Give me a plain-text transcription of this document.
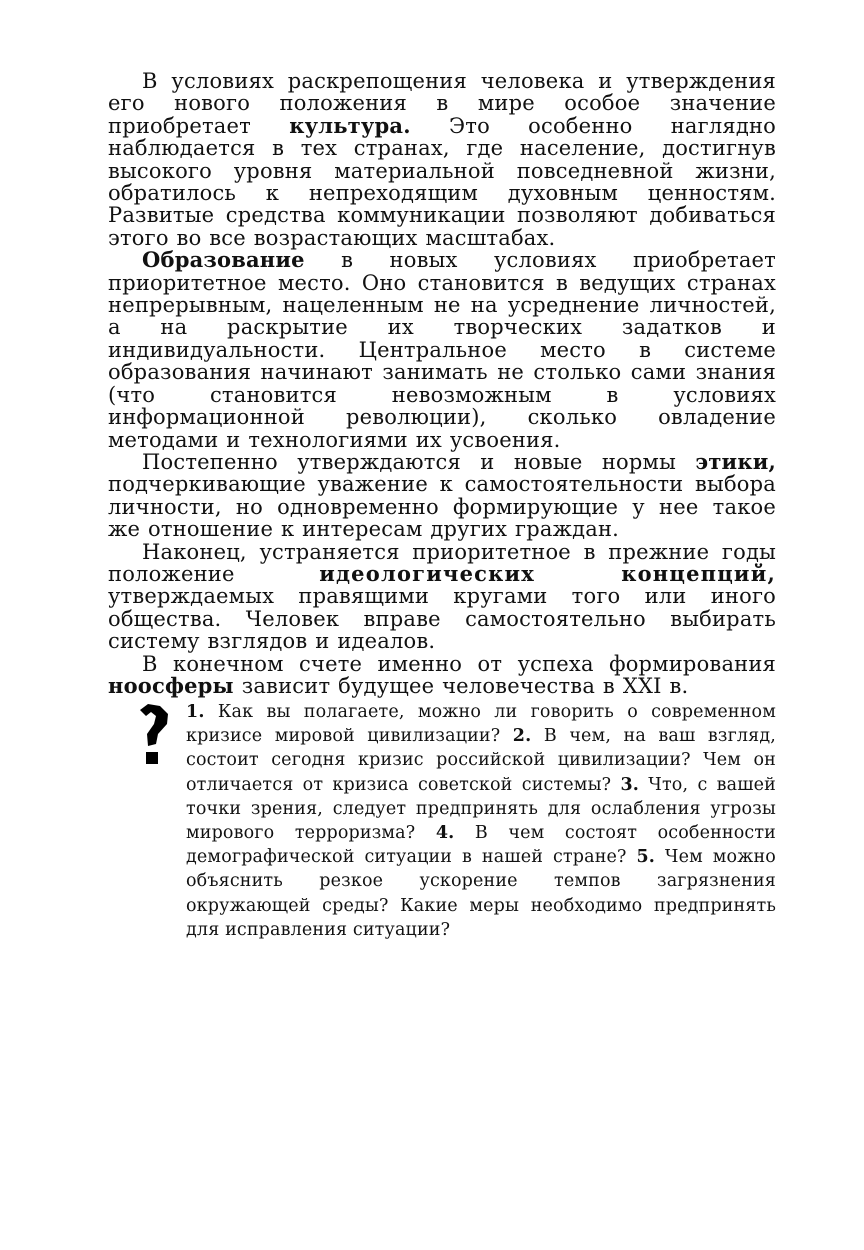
В условиях раскрепощения человека и утверждения его нового положения в мире особое значение приобретает культура. Это особенно наглядно наблюдается в тех странах, где население, достигнув высокого уровня материальной повседневной жизни, обратилось к непреходящим духовным ценностям. Развитые средства коммуникации позволяют добиваться этого во все возрастающих масштабах.

Образование в новых условиях приобретает приоритетное место. Оно становится в ведущих странах непрерывным, нацеленным не на усреднение личностей, а на раскрытие их творческих задатков и индивидуальности. Центральное место в системе образования начинают занимать не столько сами знания (что становится невозможным в условиях информационной революции), сколько овладение методами и технологиями их усвоения.

Постепенно утверждаются и новые нормы этики, подчеркивающие уважение к самостоятельности выбора личности, но одновременно формирующие у нее такое же отношение к интересам других граждан.

Наконец, устраняется приоритетное в прежние годы положение идеологических концепций, утверждаемых правящими кругами того или иного общества. Человек вправе самостоятельно выбирать систему взглядов и идеалов.

В конечном счете именно от успеха формирования ноосферы зависит будущее человечества в XXI в.

1. Как вы полагаете, можно ли говорить о современном кризисе мировой цивилизации? 2. В чем, на ваш взгляд, состоит сегодня кризис российской цивилизации? Чем он отличается от кризиса советской системы? 3. Что, с вашей точки зрения, следует предпринять для ослабления угрозы мирового терроризма? 4. В чем состоят особенности демографической ситуации в нашей стране? 5. Чем можно объяснить резкое ускорение темпов загрязнения окружающей среды? Какие меры необходимо предпринять для исправления ситуации?
